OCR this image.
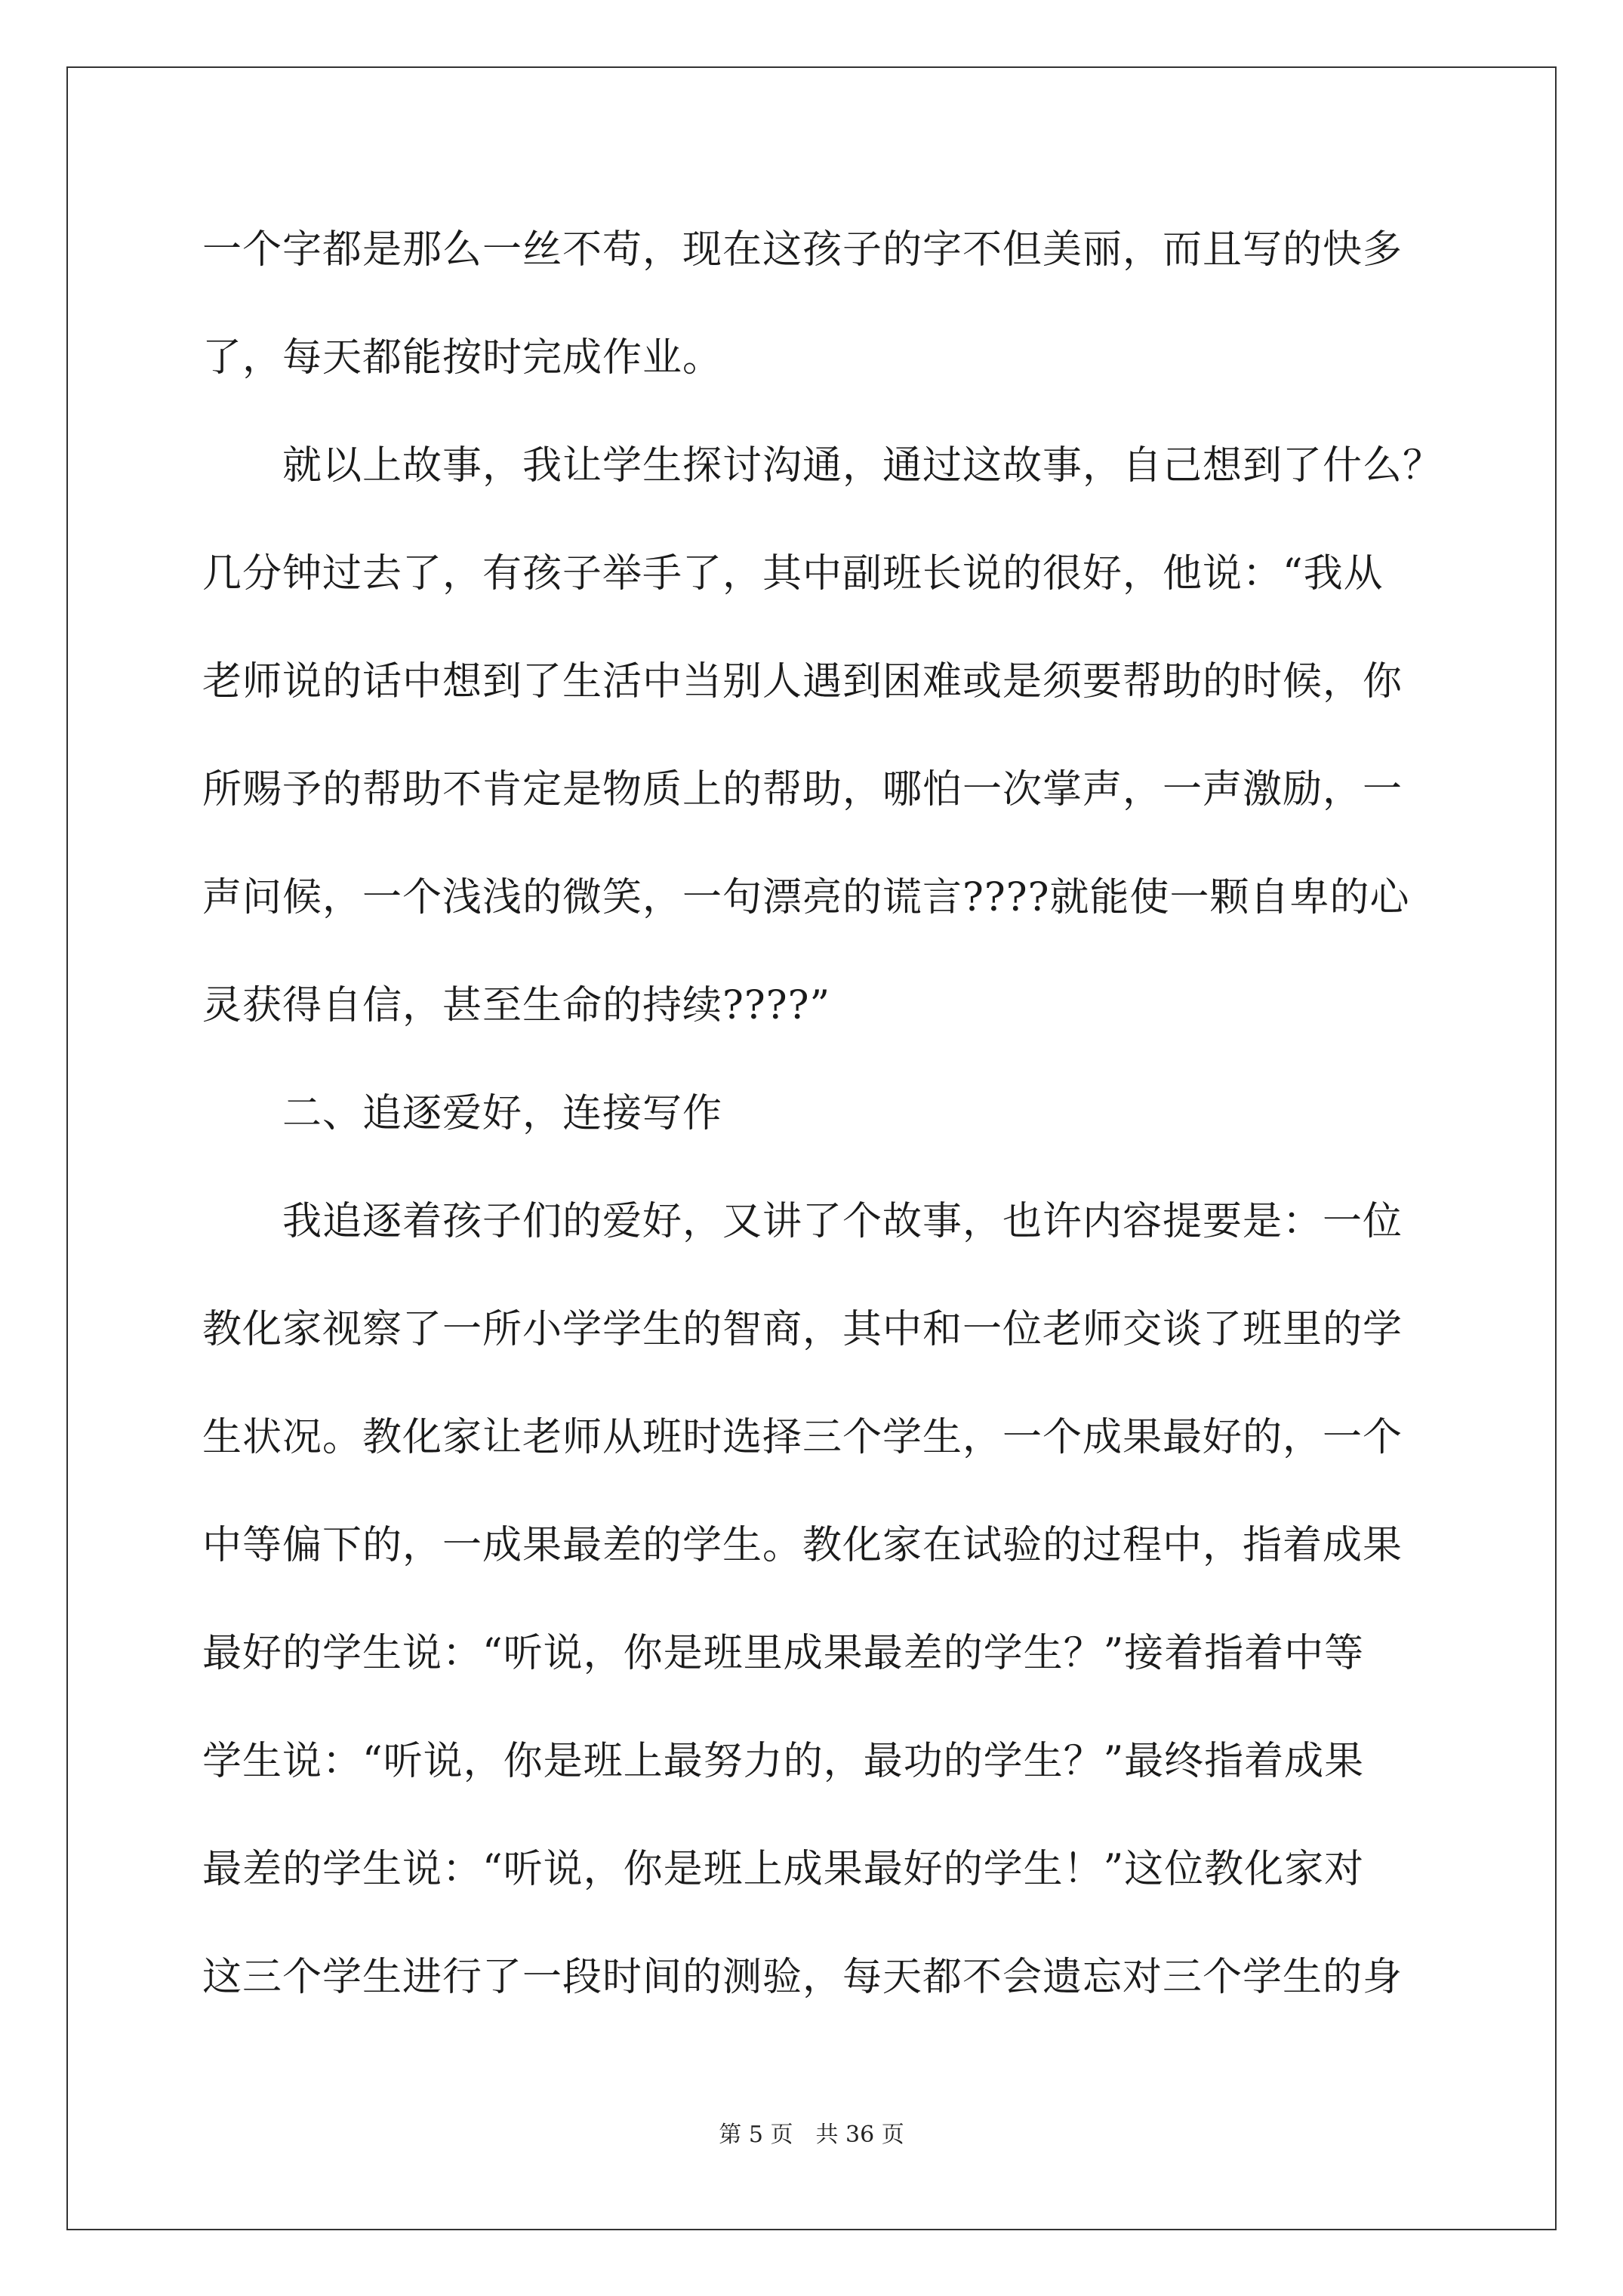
一个字都是那么一丝不苟，现在这孩子的字不但美丽，而且写的快多
了，每天都能按时完成作业。
就以上故事，我让学生探讨沟通，通过这故事，自己想到了什么？
几分钟过去了，有孩子举手了，其中副班长说的很好，他说：“我从
老师说的话中想到了生活中当别人遇到困难或是须要帮助的时候，你
所赐予的帮助不肯定是物质上的帮助，哪怕一次掌声，一声激励，一
声问候，一个浅浅的微笑，一句漂亮的谎言????就能使一颗自卑的心
灵获得自信，甚至生命的持续????”
二、追逐爱好，连接写作
我追逐着孩子们的爱好，又讲了个故事，也许内容提要是：一位
教化家视察了一所小学学生的智商，其中和一位老师交谈了班里的学
生状况。教化家让老师从班时选择三个学生，一个成果最好的，一个
中等偏下的，一成果最差的学生。教化家在试验的过程中，指着成果
最好的学生说：“听说，你是班里成果最差的学生？”接着指着中等
学生说：“听说，你是班上最努力的，最功的学生？”最终指着成果
最差的学生说：“听说，你是班上成果最好的学生！”这位教化家对
这三个学生进行了一段时间的测验，每天都不会遗忘对三个学生的身
第 5 页　共 36 页
